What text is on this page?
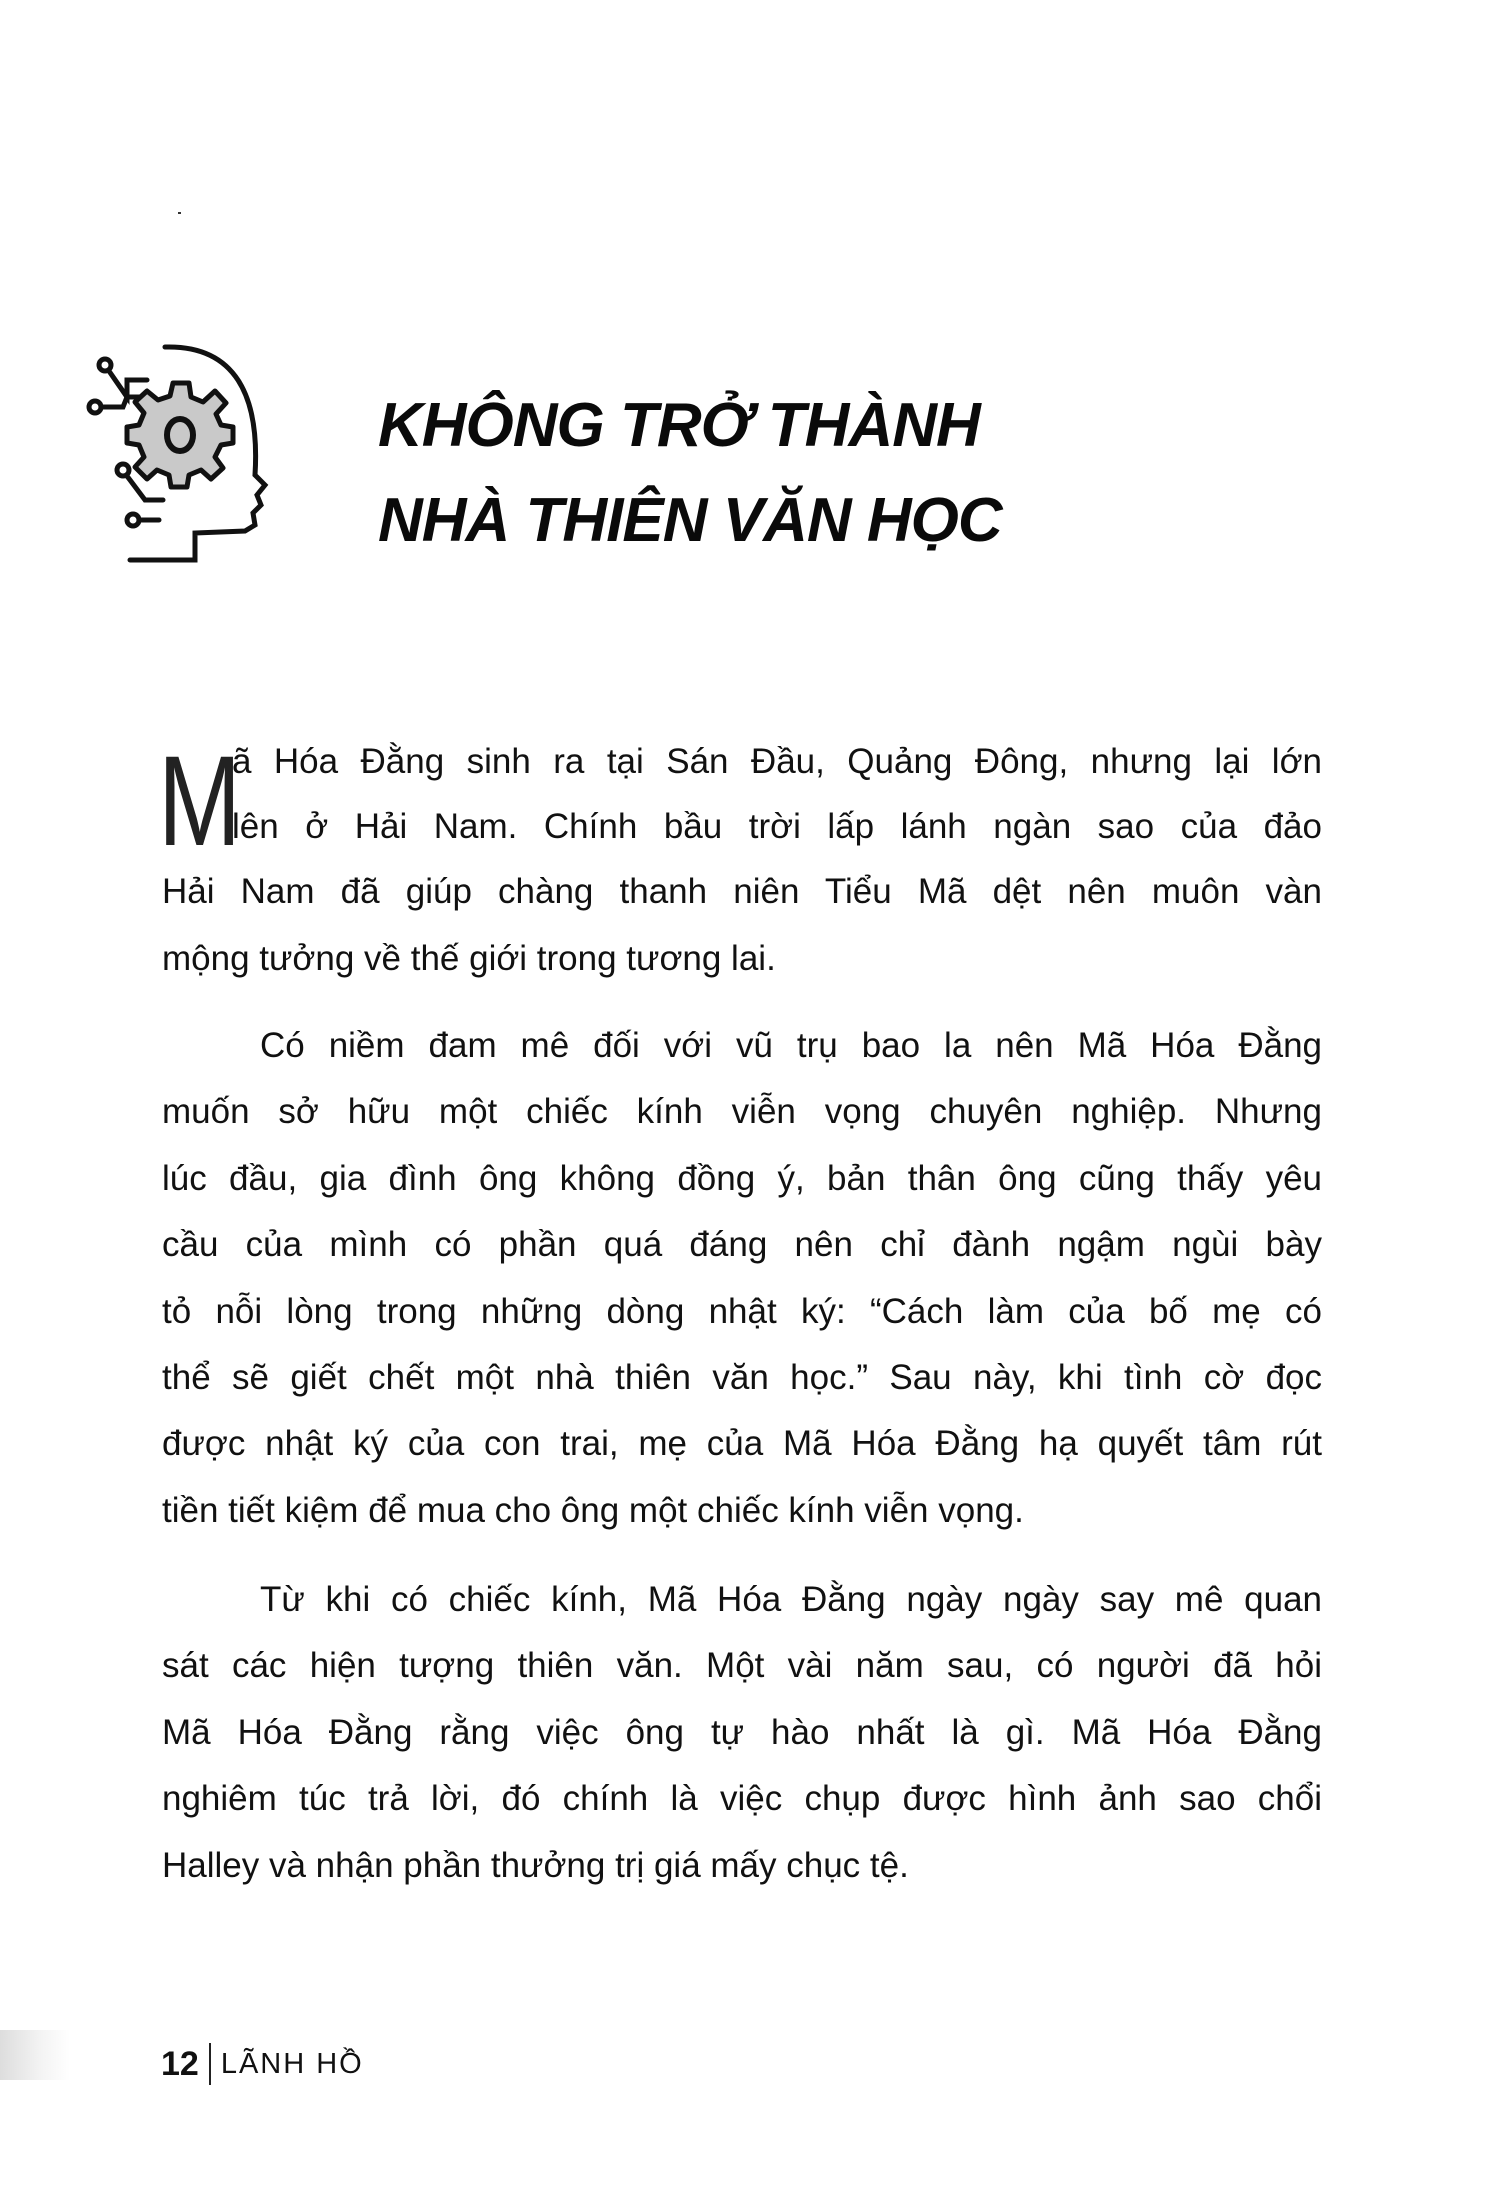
KHÔNG TRỞ THÀNH
NHÀ THIÊN VĂN HỌC
M
ã Hóa Đằng sinh ra tại Sán Đầu, Quảng Đông, nhưng lại lớn
lên ở Hải Nam. Chính bầu trời lấp lánh ngàn sao của đảo
Hải Nam đã giúp chàng thanh niên Tiểu Mã dệt nên muôn vàn
mộng tưởng về thế giới trong tương lai.
Có niềm đam mê đối với vũ trụ bao la nên Mã Hóa Đằng
muốn sở hữu một chiếc kính viễn vọng chuyên nghiệp. Nhưng
lúc đầu, gia đình ông không đồng ý, bản thân ông cũng thấy yêu
cầu của mình có phần quá đáng nên chỉ đành ngậm ngùi bày
tỏ nỗi lòng trong những dòng nhật ký: “Cách làm của bố mẹ có
thể sẽ giết chết một nhà thiên văn học.” Sau này, khi tình cờ đọc
được nhật ký của con trai, mẹ của Mã Hóa Đằng hạ quyết tâm rút
tiền tiết kiệm để mua cho ông một chiếc kính viễn vọng.
Từ khi có chiếc kính, Mã Hóa Đằng ngày ngày say mê quan
sát các hiện tượng thiên văn. Một vài năm sau, có người đã hỏi
Mã Hóa Đằng rằng việc ông tự hào nhất là gì. Mã Hóa Đằng
nghiêm túc trả lời, đó chính là việc chụp được hình ảnh sao chổi
Halley và nhận phần thưởng trị giá mấy chục tệ.
12 LÃNH HỒ
